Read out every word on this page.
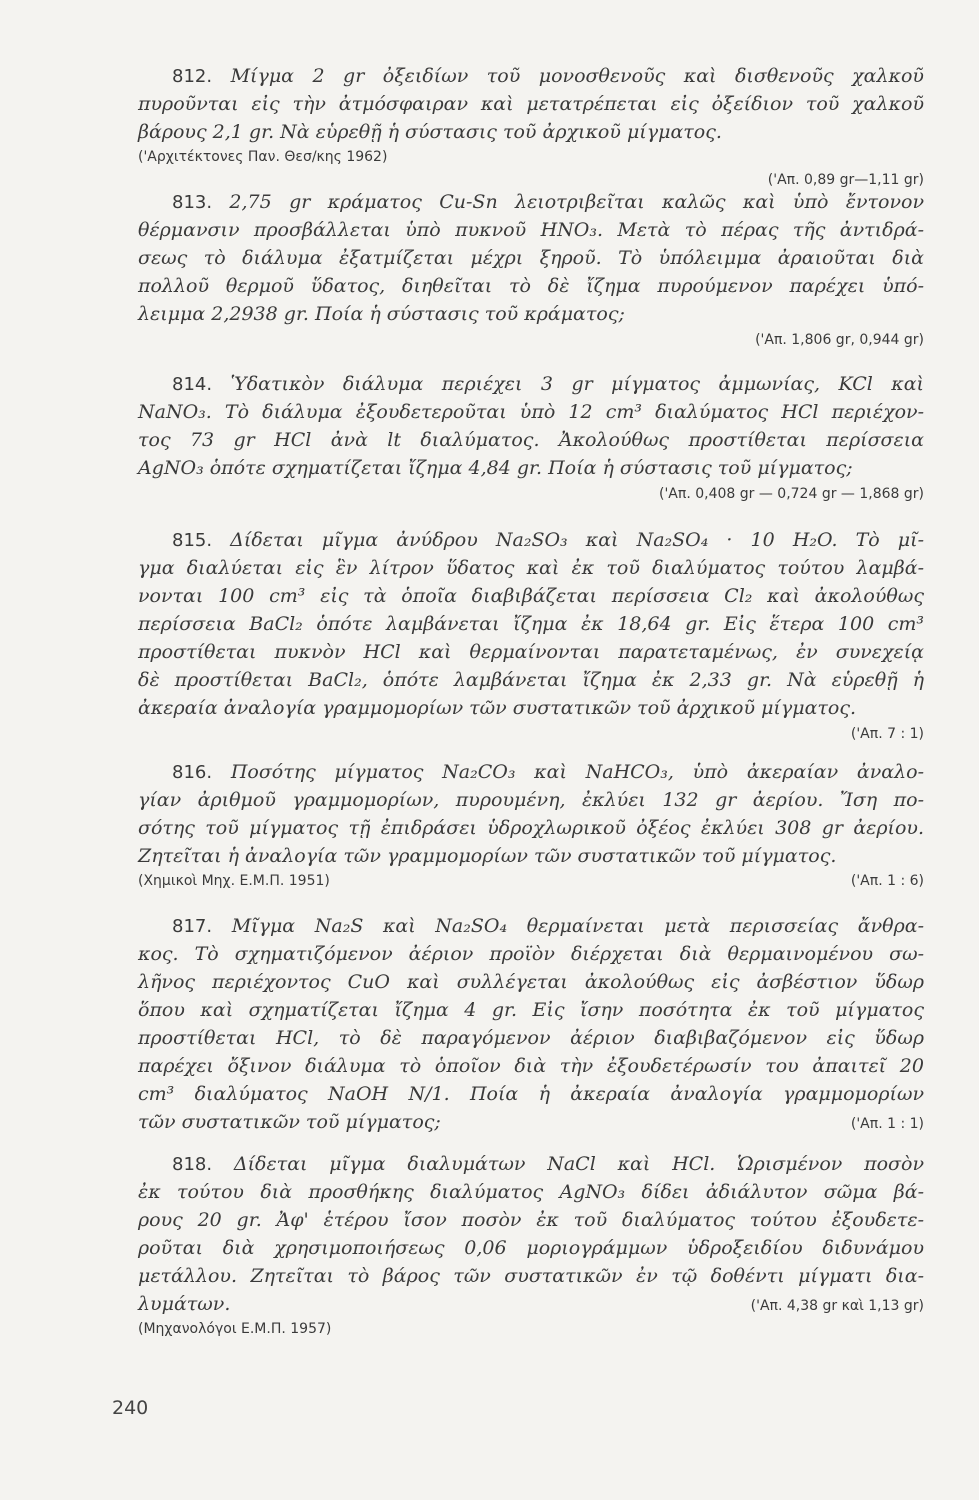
812. Μίγμα 2 gr ὀξειδίων τοῦ μονοσθενοῦς καὶ δισθενοῦς χαλκοῦ
πυροῦνται εἰς τὴν ἀτμόσφαιραν καὶ μετατρέπεται εἰς ὀξείδιον τοῦ χαλκοῦ
βάρους 2,1 gr. Νὰ εὑρεθῇ ἡ σύστασις τοῦ ἀρχικοῦ μίγματος.
('Αρχιτέκτονες Παν. Θεσ/κης 1962)
('Απ. 0,89 gr—1,11 gr)
813. 2,75 gr κράματος Cu-Sn λειοτριβεῖται καλῶς καὶ ὑπὸ ἔντονον
θέρμανσιν προσβάλλεται ὑπὸ πυκνοῦ HNO₃. Μετὰ τὸ πέρας τῆς ἀντιδρά-
σεως τὸ διάλυμα ἐξατμίζεται μέχρι ξηροῦ. Τὸ ὑπόλειμμα ἀραιοῦται διὰ
πολλοῦ θερμοῦ ὕδατος, διηθεῖται τὸ δὲ ἴζημα πυρούμενον παρέχει ὑπό-
λειμμα 2,2938 gr. Ποία ἡ σύστασις τοῦ κράματος;
('Απ. 1,806 gr, 0,944 gr)
814. Ὑδατικὸν διάλυμα περιέχει 3 gr μίγματος ἀμμωνίας, KCl καὶ
NaNO₃. Τὸ διάλυμα ἐξουδετεροῦται ὑπὸ 12 cm³ διαλύματος HCl περιέχον-
τος 73 gr HCl ἀνὰ lt διαλύματος. Ἀκολούθως προστίθεται περίσσεια
AgNO₃ ὁπότε σχηματίζεται ἴζημα 4,84 gr. Ποία ἡ σύστασις τοῦ μίγματος;
('Απ. 0,408 gr — 0,724 gr — 1,868 gr)
815. Δίδεται μῖγμα ἀνύδρου Na₂SO₃ καὶ Na₂SO₄ · 10 H₂O. Τὸ μῖ-
γμα διαλύεται εἰς ἓν λίτρον ὕδατος καὶ ἐκ τοῦ διαλύματος τούτου λαμβά-
νονται 100 cm³ εἰς τὰ ὁποῖα διαβιβάζεται περίσσεια Cl₂ καὶ ἀκολούθως
περίσσεια BaCl₂ ὁπότε λαμβάνεται ἴζημα ἐκ 18,64 gr. Εἰς ἕτερα 100 cm³
προστίθεται πυκνὸν HCl καὶ θερμαίνονται παρατεταμένως, ἐν συνεχείᾳ
δὲ προστίθεται BaCl₂, ὁπότε λαμβάνεται ἴζημα ἐκ 2,33 gr. Νὰ εὑρεθῇ ἡ
ἀκεραία ἀναλογία γραμμομορίων τῶν συστατικῶν τοῦ ἀρχικοῦ μίγματος.
('Απ. 7 : 1)
816. Ποσότης μίγματος Na₂CO₃ καὶ NaHCO₃, ὑπὸ ἀκεραίαν ἀναλο-
γίαν ἀριθμοῦ γραμμομορίων, πυρουμένη, ἐκλύει 132 gr ἀερίου. Ἴση πο-
σότης τοῦ μίγματος τῇ ἐπιδράσει ὑδροχλωρικοῦ ὀξέος ἐκλύει 308 gr ἀερίου.
Ζητεῖται ἡ ἀναλογία τῶν γραμμομορίων τῶν συστατικῶν τοῦ μίγματος.
(Χημικοὶ Μηχ. Ε.Μ.Π. 1951)	('Απ. 1 : 6)
817. Μῖγμα Na₂S καὶ Na₂SO₄ θερμαίνεται μετὰ περισσείας ἄνθρα-
κος. Τὸ σχηματιζόμενον ἀέριον προϊὸν διέρχεται διὰ θερμαινομένου σω-
λῆνος περιέχοντος CuO καὶ συλλέγεται ἀκολούθως εἰς ἀσβέστιον ὕδωρ
ὅπου καὶ σχηματίζεται ἴζημα 4 gr. Εἰς ἴσην ποσότητα ἐκ τοῦ μίγματος
προστίθεται HCl, τὸ δὲ παραγόμενον ἀέριον διαβιβαζόμενον εἰς ὕδωρ
παρέχει ὄξινον διάλυμα τὸ ὁποῖον διὰ τὴν ἐξουδετέρωσίν του ἀπαιτεῖ 20
cm³ διαλύματος NaOH N/1. Ποία ἡ ἀκεραία ἀναλογία γραμμομορίων
τῶν συστατικῶν τοῦ μίγματος;	('Απ. 1 : 1)
818. Δίδεται μῖγμα διαλυμάτων NaCl καὶ HCl. Ὡρισμένον ποσὸν
ἐκ τούτου διὰ προσθήκης διαλύματος AgNO₃ δίδει ἀδιάλυτον σῶμα βά-
ρους 20 gr. Ἀφ' ἑτέρου ἴσον ποσὸν ἐκ τοῦ διαλύματος τούτου ἐξουδετε-
ροῦται διὰ χρησιμοποιήσεως 0,06 μοριογράμμων ὑδροξειδίου διδυνάμου
μετάλλου. Ζητεῖται τὸ βάρος τῶν συστατικῶν ἐν τῷ δοθέντι μίγματι δια-
λυμάτων.	('Απ. 4,38 gr καὶ 1,13 gr)
(Μηχανολόγοι Ε.Μ.Π. 1957)
240
